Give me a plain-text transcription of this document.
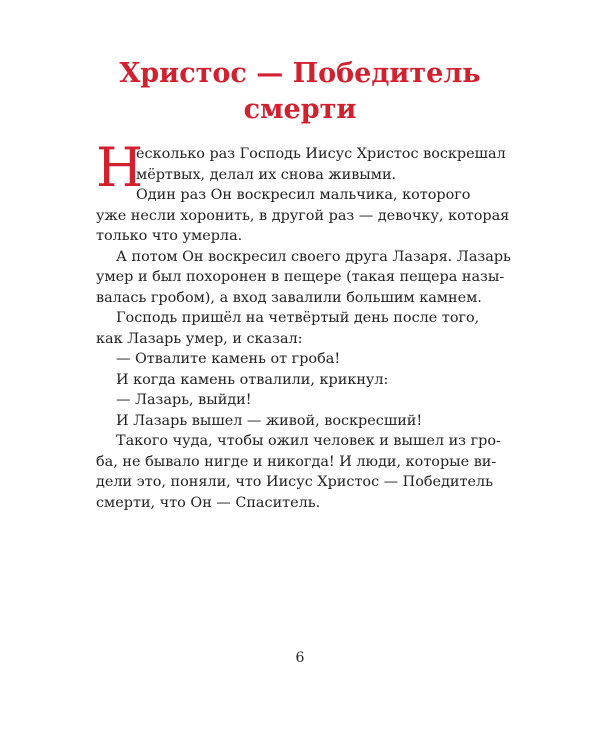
Христос — Победитель
смерти
Н
есколько раз Господь Иисус Христос воскрешал
мёртвых, делал их снова живыми.
Один раз Он воскресил мальчика, которого
уже несли хоронить, в другой раз — девочку, которая
только что умерла.
А потом Он воскресил своего друга Лазаря. Лазарь
умер и был похоронен в пещере (такая пещера назы-
валась гробом), а вход завалили большим камнем.
Господь пришёл на четвёртый день после того,
как Лазарь умер, и сказал:
— Отвалите камень от гроба!
И когда камень отвалили, крикнул:
— Лазарь, выйди!
И Лазарь вышел — живой, воскресший!
Такого чуда, чтобы ожил человек и вышел из гро-
ба, не бывало нигде и никогда! И люди, которые ви-
дели это, поняли, что Иисус Христос — Победитель
смерти, что Он — Спаситель.
6
